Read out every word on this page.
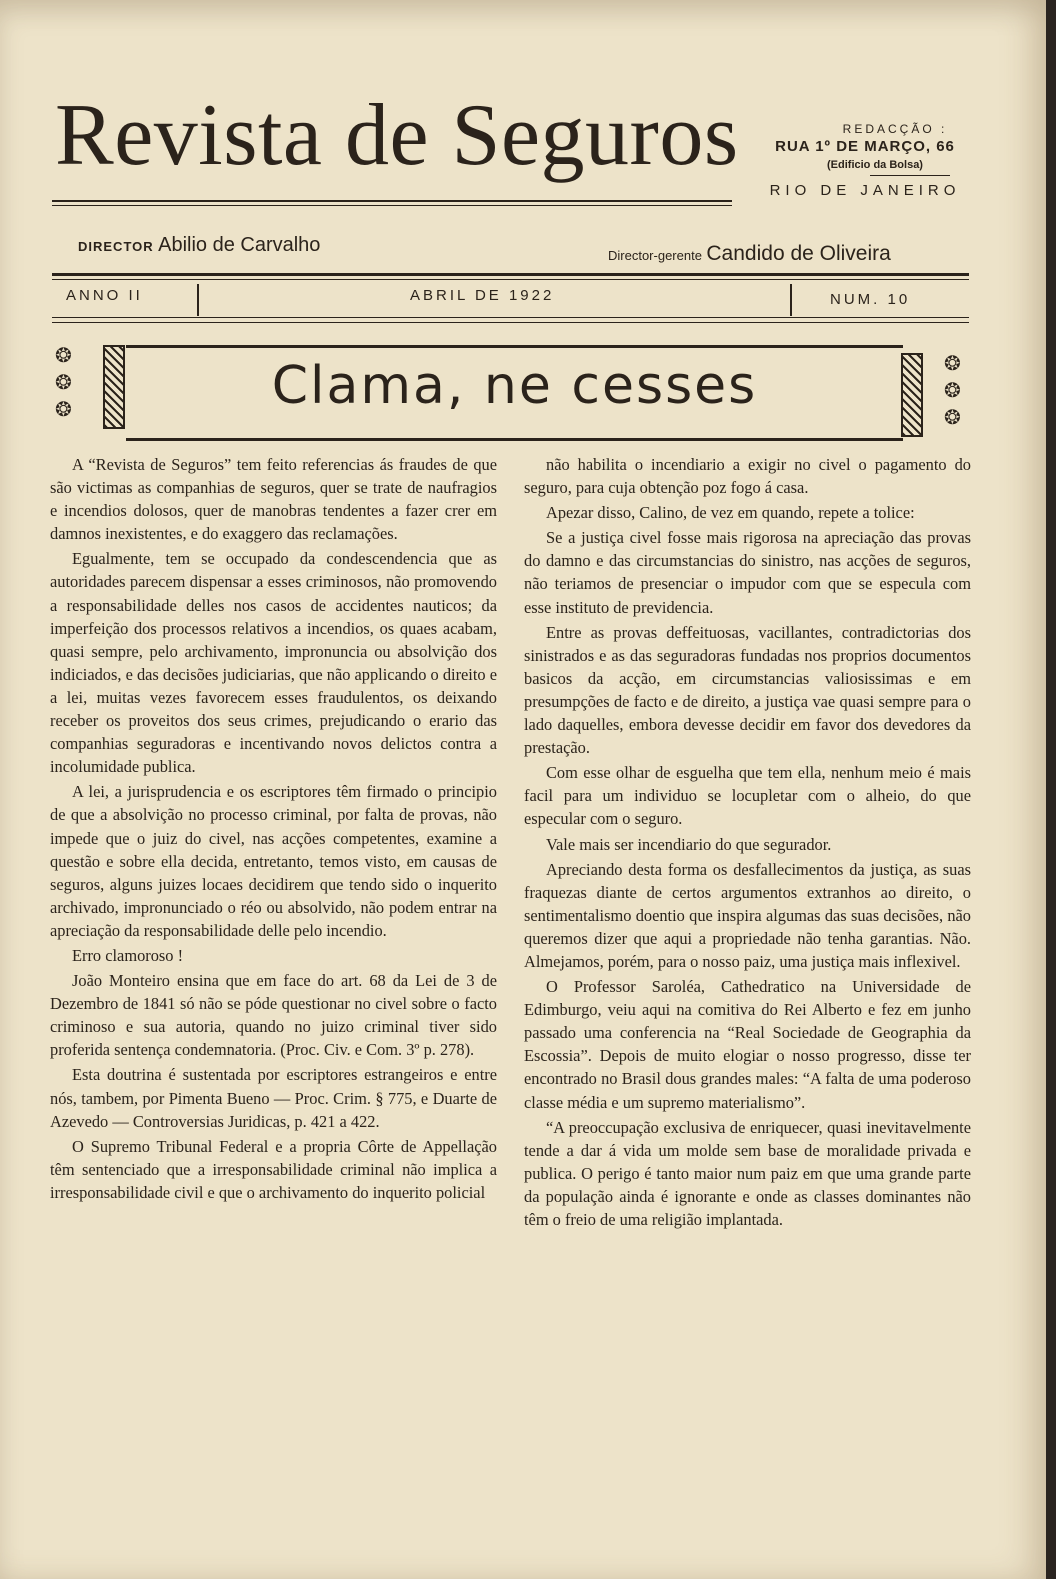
Revista de Seguros	REDACÇÃO :
RUA 1º DE MARÇO, 66
(Edificio da Bolsa)
RIO DE JANEIRO
DIRECTOR Abilio de Carvalho	Director-gerente Candido de Oliveira
ANNO II	ABRIL DE 1922	NUM. 10
❂
❂
❂	Clama, ne cesses	❂
❂
❂

A “Revista de Seguros” tem feito referencias ás fraudes de que são victimas as companhias de seguros, quer se trate de naufragios e incendios dolosos, quer de manobras tendentes a fazer crer em damnos inexistentes, e do exaggero das reclamações.

Egualmente, tem se occupado da condescendencia que as autoridades parecem dispensar a esses criminosos, não promovendo a responsabilidade delles nos casos de accidentes nauticos; da imperfeição dos processos relativos a incendios, os quaes acabam, quasi sempre, pelo archivamento, impronuncia ou absolvição dos indiciados, e das decisões judiciarias, que não applicando o direito e a lei, muitas vezes favorecem esses fraudulentos, os deixando receber os proveitos dos seus crimes, prejudicando o erario das companhias seguradoras e incentivando novos delictos contra a incolumidade publica.

A lei, a jurisprudencia e os escriptores têm firmado o principio de que a absolvição no processo criminal, por falta de provas, não impede que o juiz do civel, nas acções competentes, examine a questão e sobre ella decida, entretanto, temos visto, em causas de seguros, alguns juizes locaes decidirem que tendo sido o inquerito archivado, impronunciado o réo ou absolvido, não podem entrar na apreciação da responsabilidade delle pelo incendio.

Erro clamoroso !

João Monteiro ensina que em face do art. 68 da Lei de 3 de Dezembro de 1841 só não se póde questionar no civel sobre o facto criminoso e sua autoria, quando no juizo criminal tiver sido proferida sentença condemnatoria. (Proc. Civ. e Com. 3º p. 278).

Esta doutrina é sustentada por escriptores estrangeiros e entre nós, tambem, por Pimenta Bueno — Proc. Crim. § 775, e Duarte de Azevedo — Controversias Juridicas, p. 421 a 422.

O Supremo Tribunal Federal e a propria Côrte de Appellação têm sentenciado que a irresponsabilidade criminal não implica a irresponsabilidade civil e que o archivamento do inquerito policial

não habilita o incendiario a exigir no civel o pagamento do seguro, para cuja obtenção poz fogo á casa.

Apezar disso, Calino, de vez em quando, repete a tolice:

Se a justiça civel fosse mais rigorosa na apreciação das provas do damno e das circumstancias do sinistro, nas acções de seguros, não teriamos de presenciar o impudor com que se especula com esse instituto de previdencia.

Entre as provas deffeituosas, vacillantes, contradictorias dos sinistrados e as das seguradoras fundadas nos proprios documentos basicos da acção, em circumstancias valiosissimas e em presumpções de facto e de direito, a justiça vae quasi sempre para o lado daquelles, embora devesse decidir em favor dos devedores da prestação.

Com esse olhar de esguelha que tem ella, nenhum meio é mais facil para um individuo se locupletar com o alheio, do que especular com o seguro.

Vale mais ser incendiario do que segurador.

Apreciando desta forma os desfallecimentos da justiça, as suas fraquezas diante de certos argumentos extranhos ao direito, o sentimentalismo doentio que inspira algumas das suas decisões, não queremos dizer que aqui a propriedade não tenha garantias. Não. Almejamos, porém, para o nosso paiz, uma justiça mais inflexivel.

O Professor Saroléa, Cathedratico na Universidade de Edimburgo, veiu aqui na comitiva do Rei Alberto e fez em junho passado uma conferencia na “Real Sociedade de Geographia da Escossia”. Depois de muito elogiar o nosso progresso, disse ter encontrado no Brasil dous grandes males: “A falta de uma poderoso classe média e um supremo materialismo”.

“A preoccupação exclusiva de enriquecer, quasi inevitavelmente tende a dar á vida um molde sem base de moralidade privada e publica. O perigo é tanto maior num paiz em que uma grande parte da população ainda é ignorante e onde as classes dominantes não têm o freio de uma religião implantada.
